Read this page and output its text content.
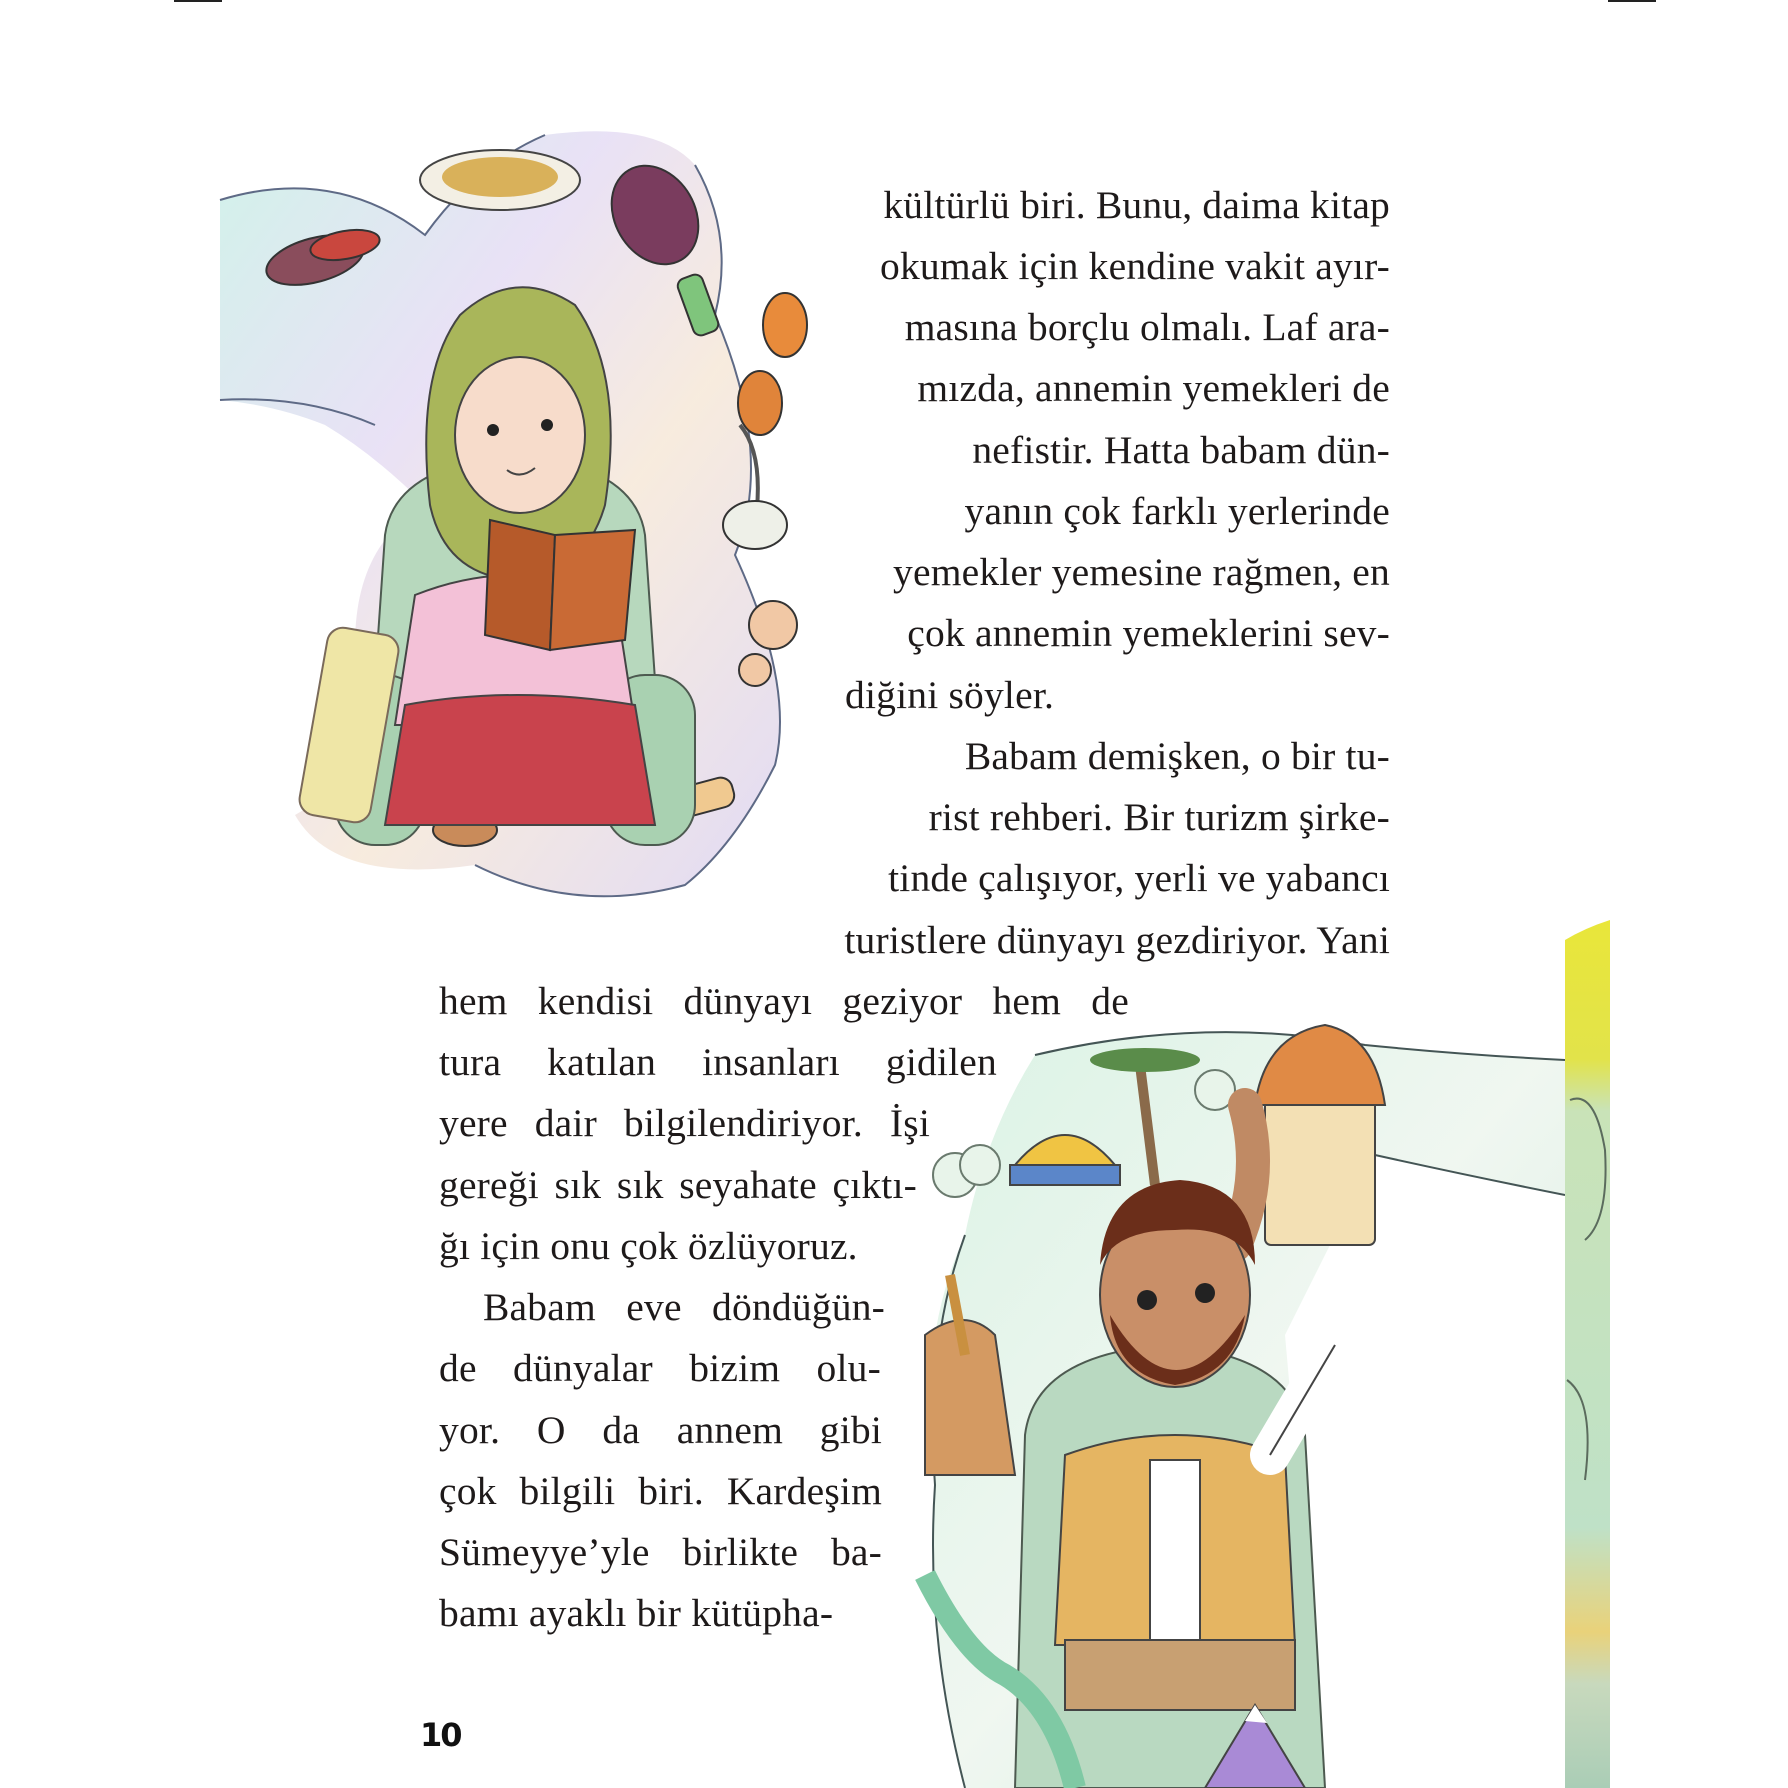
kültürlü biri. Bunu, daima kitap
okumak için kendine vakit ayır-
masına borçlu olmalı. Laf ara-
mızda, annemin yemekleri de
nefistir. Hatta babam dün-
yanın çok farklı yerlerinde
yemekler yemesine rağmen, en
çok annemin yemeklerini sev-
diğini söyler.
Babam demişken, o bir tu-
rist rehberi. Bir turizm şirke-
tinde çalışıyor, yerli ve yabancı
turistlere dünyayı gezdiriyor. Yani
hem kendisi dünyayı geziyor hem de
tura katılan insanları gidilen
yere dair bilgilendiriyor. İşi
gereği sık sık seyahate çıktı-
ğı için onu çok özlüyoruz.
Babam eve döndüğün-
de dünyalar bizim olu-
yor. O da annem gibi
çok bilgili biri. Kardeşim
Sümeyye’yle birlikte ba-
bamı ayaklı bir kütüpha-
10
